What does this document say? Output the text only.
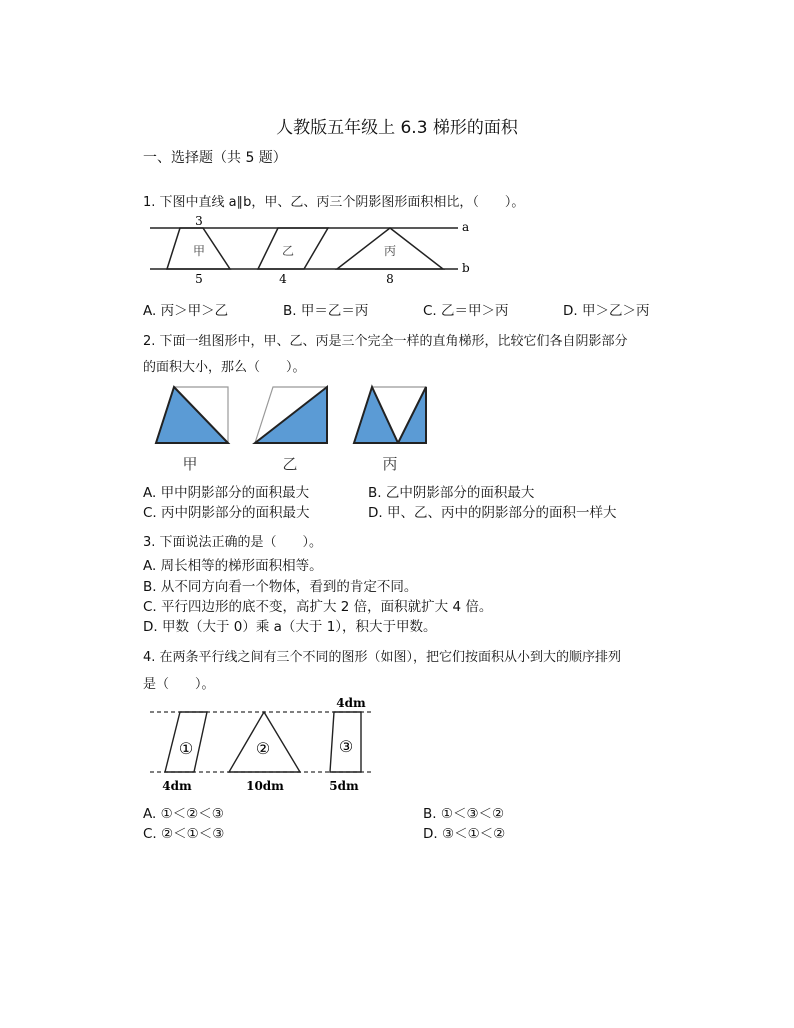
人教版五年级上 6.3 梯形的面积
一、选择题（共 5 题）
1. 下图中直线 a∥b，甲、乙、丙三个阴影图形面积相比，（　　）。
3
5	4	8
甲	乙	丙
a
b
A. 丙＞甲＞乙	B. 甲＝乙＝丙	C. 乙＝甲＞丙	D. 甲＞乙＞丙
2. 下面一组图形中，甲、乙、丙是三个完全一样的直角梯形，比较它们各自阴影部分
的面积大小，那么（　　）。
甲	乙	丙
A. 甲中阴影部分的面积最大	B. 乙中阴影部分的面积最大
C. 丙中阴影部分的面积最大	D. 甲、乙、丙中的阴影部分的面积一样大
3. 下面说法正确的是（　　）。
A. 周长相等的梯形面积相等。
B. 从不同方向看一个物体，看到的肯定不同。
C. 平行四边形的底不变，高扩大 2 倍，面积就扩大 4 倍。
D. 甲数（大于 0）乘 a（大于 1），积大于甲数。
4. 在两条平行线之间有三个不同的图形（如图），把它们按面积从小到大的顺序排列
是（　　）。
①	②	③
4dm
4dm	10dm	5dm
A. ①＜②＜③	B. ①＜③＜②
C. ②＜①＜③	D. ③＜①＜②
